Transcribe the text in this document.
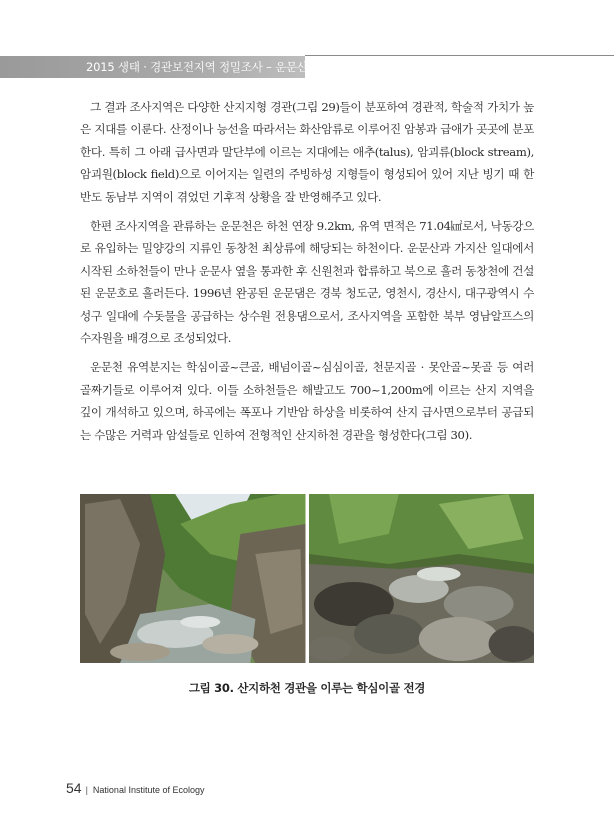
2015 생태 · 경관보전지역 정밀조사 – 운문산

그 결과 조사지역은 다양한 산지지형 경관(그림 29)들이 분포하여 경관적, 학술적 가치가 높은 지대를 이룬다. 산정이나 능선을 따라서는 화산암류로 이루어진 암봉과 급애가 곳곳에 분포한다. 특히 그 아래 급사면과 말단부에 이르는 지대에는 애추(talus), 암괴류(block stream), 암괴원(block field)으로 이어지는 일련의 주빙하성 지형들이 형성되어 있어 지난 빙기 때 한반도 동남부 지역이 겪었던 기후적 상황을 잘 반영해주고 있다.

한편 조사지역을 관류하는 운문천은 하천 연장 9.2km, 유역 면적은 71.04㎢로서, 낙동강으로 유입하는 밀양강의 지류인 동창천 최상류에 해당되는 하천이다. 운문산과 가지산 일대에서 시작된 소하천들이 만나 운문사 옆을 통과한 후 신원천과 합류하고 북으로 흘러 동창천에 건설된 운문호로 흘러든다. 1996년 완공된 운문댐은 경북 청도군, 영천시, 경산시, 대구광역시 수성구 일대에 수돗물을 공급하는 상수원 전용댐으로서, 조사지역을 포함한 북부 영남알프스의 수자원을 배경으로 조성되었다.

운문천 유역분지는 학심이골~큰골, 배넘이골~심심이골, 천문지골 · 못안골~못골 등 여러 골짜기들로 이루어져 있다. 이들 소하천들은 해발고도 700~1,200m에 이르는 산지 지역을 깊이 개석하고 있으며, 하곡에는 폭포나 기반암 하상을 비롯하여 산지 급사면으로부터 공급되는 수많은 거력과 암설들로 인하여 전형적인 산지하천 경관을 형성한다(그림 30).

그림 30. 산지하천 경관을 이루는 학심이골 전경
54 | National Institute of Ecology
